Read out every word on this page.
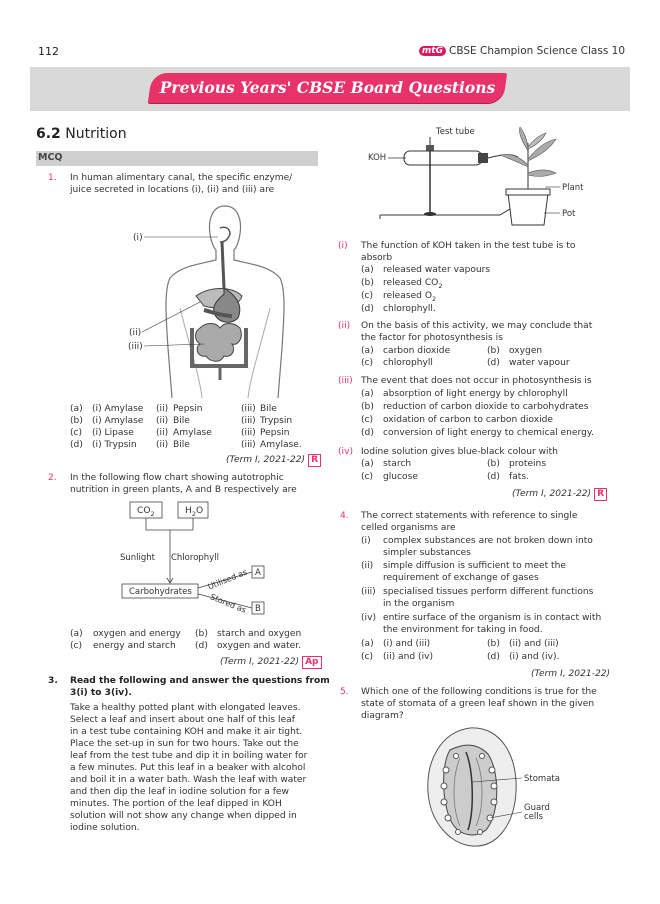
112	mtG CBSE Champion Science Class 10
Previous Years' CBSE Board Questions
6.2 Nutrition
MCQ
1. In human alimentary canal, the specific enzyme/
juice secreted in locations (i), (ii) and (iii) are
(i)
(ii)
(iii)
(a) (i) Amylase (ii) Pepsin	(iii) Bile
(b) (i) Amylase (ii) Bile	(iii) Trypsin
(c) (i) Lipase (ii) Amylase	(iii) Pepsin
(d) (i) Trypsin (ii) Bile	(iii) Amylase.
(Term I, 2021-22) R
2. In the following flow chart showing autotrophic
nutrition in green plants, A and B respectively are
$CO_2$	$H_2O$
Sunlight Chlorophyll
Carbohydrates
Utilised as
Stored as
A
B
(a) oxygen and energy (b) starch and oxygen
(c) energy and starch (d) oxygen and water.
(Term I, 2021-22) Ap
3. Read the following and answer the questions from
3(i) to 3(iv).
Take a healthy potted plant with elongated leaves.
Select a leaf and insert about one half of this leaf
in a test tube containing KOH and make it air tight.
Place the set-up in sun for two hours. Take out the
leaf from the test tube and dip it in boiling water for
a few minutes. Put this leaf in a beaker with alcohol
and boil it in a water bath. Wash the leaf with water
and then dip the leaf in iodine solution for a few
minutes. The portion of the leaf dipped in KOH
solution will not show any change when dipped in
iodine solution.
Test tube
KOH
Plant
Pot
(i) The function of KOH taken in the test tube is to
absorb
(a) released water vapours
(b) released $CO_2$
(c) released $O_2$
(d) chlorophyll.
(ii) On the basis of this activity, we may conclude that
the factor for photosynthesis is
(a) carbon dioxide	(b) oxygen
(c) chlorophyll	(d) water vapour
(iii) The event that does not occur in photosynthesis is
(a) absorption of light energy by chlorophyll
(b) reduction of carbon dioxide to carbohydrates
(c) oxidation of carbon to carbon dioxide
(d) conversion of light energy to chemical energy.
(iv) Iodine solution gives blue-black colour with
(a) starch	(b) proteins
(c) glucose	(d) fats.
(Term I, 2021-22) R
4. The correct statements with reference to single
celled organisms are
(i) complex substances are not broken down into
simpler substances
(ii) simple diffusion is sufficient to meet the
requirement of exchange of gases
(iii) specialised tissues perform different functions
in the organism
(iv) entire surface of the organism is in contact with
the environment for taking in food.
(a) (i) and (iii)	(b) (ii) and (iii)
(c) (ii) and (iv)	(d) (i) and (iv).
(Term I, 2021-22)
5. Which one of the following conditions is true for the
state of stomata of a green leaf shown in the given
diagram?
Stomata
Guard
cells
